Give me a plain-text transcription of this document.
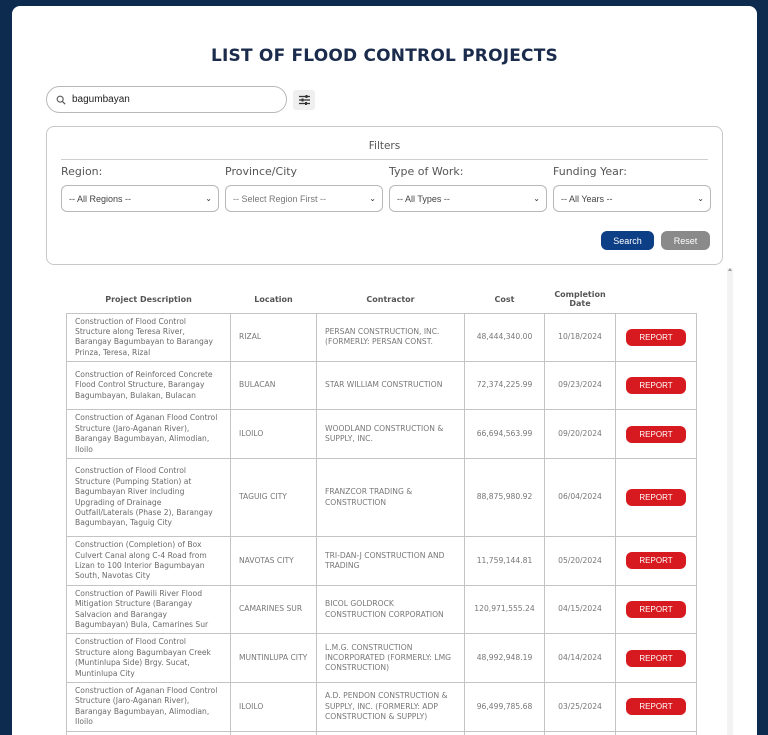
LIST OF FLOOD CONTROL PROJECTS
bagumbayan
Filters
Region:
-- All Regions --	⌄
Province/City
-- Select Region First --	⌄
Type of Work:
-- All Types --	⌄
Funding Year:
-- All Years --	⌄
Search	Reset
Project Description	Location	Contractor	Cost	Completion Date	
Construction of Flood Control Structure along Teresa River, Barangay Bagumbayan to Barangay Prinza, Teresa, Rizal	RIZAL	PERSAN CONSTRUCTION, INC. (FORMERLY: PERSAN CONST.	48,444,340.00	10/18/2024	REPORT
Construction of Reinforced Concrete Flood Control Structure, Barangay Bagumbayan, Bulakan, Bulacan	BULACAN	STAR WILLIAM CONSTRUCTION	72,374,225.99	09/23/2024	REPORT
Construction of Aganan Flood Control Structure (Jaro-Aganan River), Barangay Bagumbayan, Alimodian, Iloilo	ILOILO	WOODLAND CONSTRUCTION & SUPPLY, INC.	66,694,563.99	09/20/2024	REPORT
Construction of Flood Control Structure (Pumping Station) at Bagumbayan River including Upgrading of Drainage Outfall/Laterals (Phase 2), Barangay Bagumbayan, Taguig City	TAGUIG CITY	FRANZCOR TRADING & CONSTRUCTION	88,875,980.92	06/04/2024	REPORT
Construction (Completion) of Box Culvert Canal along C-4 Road from Lizan to 100 Interior Bagumbayan South, Navotas City	NAVOTAS CITY	TRI-DAN-J CONSTRUCTION AND TRADING	11,759,144.81	05/20/2024	REPORT
Construction of Pawili River Flood Mitigation Structure (Barangay Salvacion and Barangay Bagumbayan) Bula, Camarines Sur	CAMARINES SUR	BICOL GOLDROCK CONSTRUCTION CORPORATION	120,971,555.24	04/15/2024	REPORT
Construction of Flood Control Structure along Bagumbayan Creek (Muntinlupa Side) Brgy. Sucat, Muntinlupa City	MUNTINLUPA CITY	L.M.G. CONSTRUCTION INCORPORATED (FORMERLY: LMG CONSTRUCTION)	48,992,948.19	04/14/2024	REPORT
Construction of Aganan Flood Control Structure (Jaro-Aganan River), Barangay Bagumbayan, Alimodian, Iloilo	ILOILO	A.D. PENDON CONSTRUCTION & SUPPLY, INC. (FORMERLY: ADP CONSTRUCTION & SUPPLY)	96,499,785.68	03/25/2024	REPORT
